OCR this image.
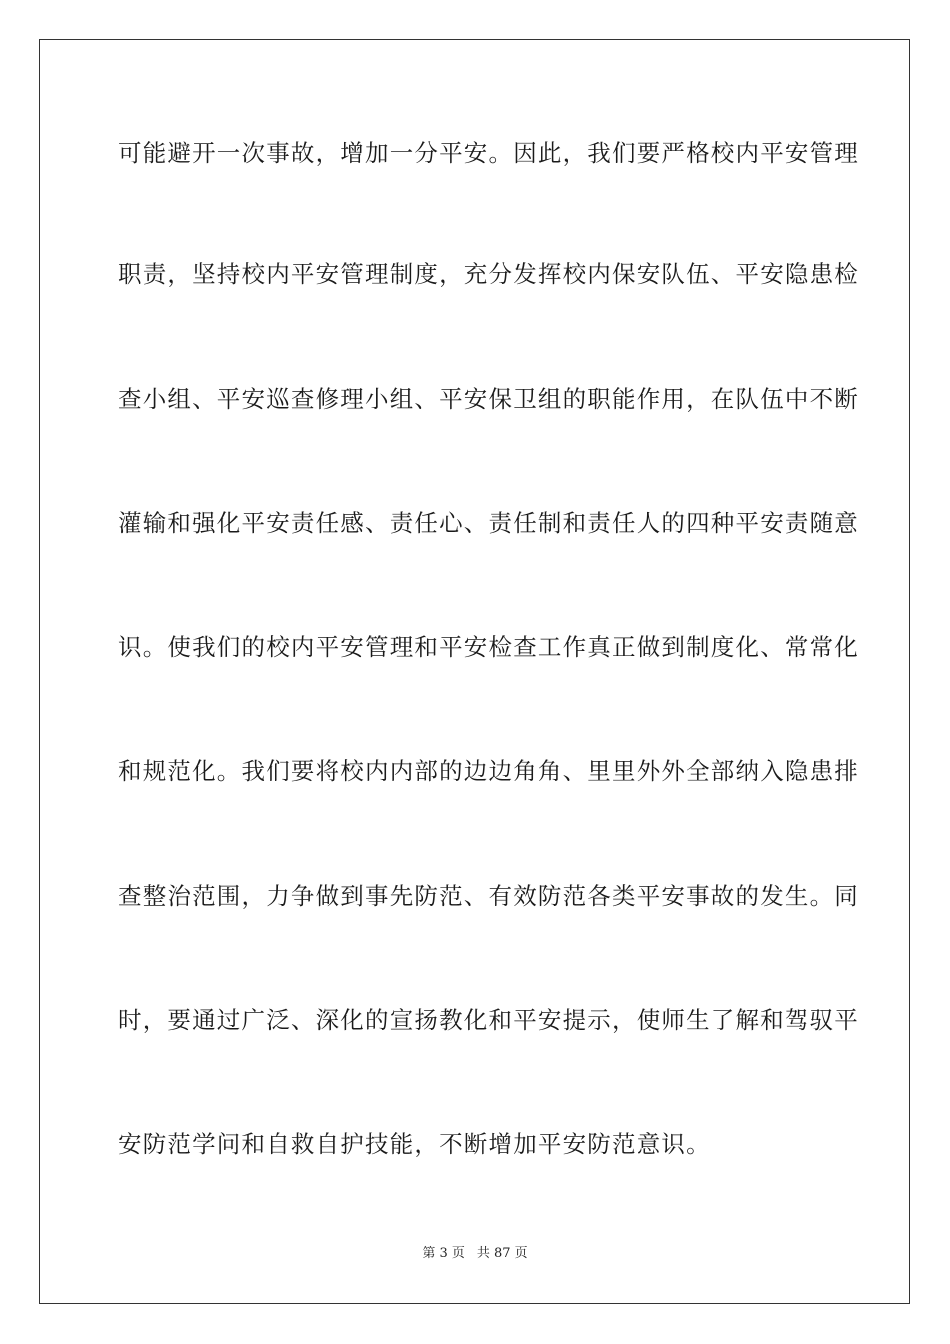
可能避开一次事故，增加一分平安。因此，我们要严格校内平安管理
职责，坚持校内平安管理制度，充分发挥校内保安队伍、平安隐患检
查小组、平安巡查修理小组、平安保卫组的职能作用，在队伍中不断
灌输和强化平安责任感、责任心、责任制和责任人的四种平安责随意
识。使我们的校内平安管理和平安检查工作真正做到制度化、常常化
和规范化。我们要将校内内部的边边角角、里里外外全部纳入隐患排
查整治范围，力争做到事先防范、有效防范各类平安事故的发生。同
时，要通过广泛、深化的宣扬教化和平安提示，使师生了解和驾驭平
安防范学问和自救自护技能，不断增加平安防范意识。
第 3 页 共 87 页
